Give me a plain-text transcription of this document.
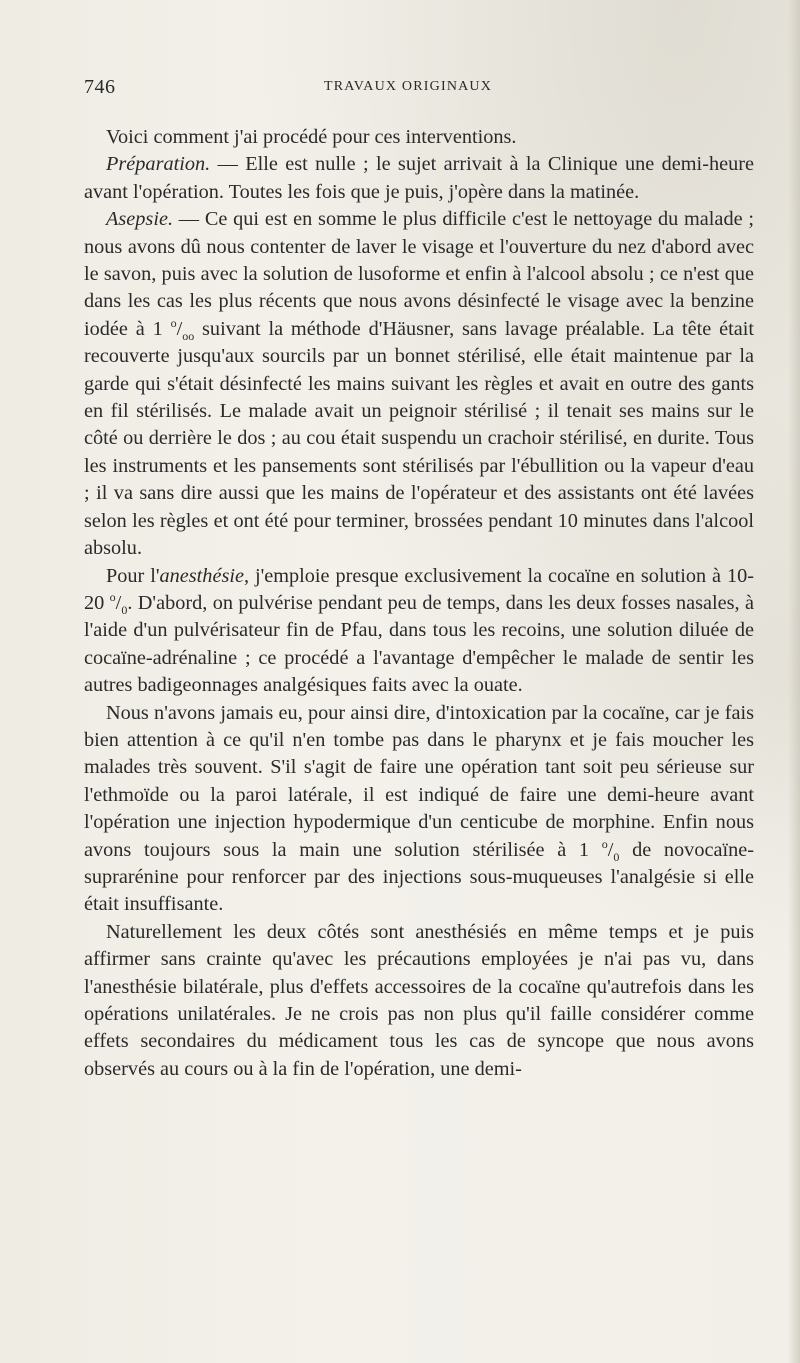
746	TRAVAUX ORIGINAUX

Voici comment j'ai procédé pour ces interventions.

Préparation. — Elle est nulle ; le sujet arrivait à la Clinique une demi-heure avant l'opération. Toutes les fois que je puis, j'opère dans la matinée.

Asepsie. — Ce qui est en somme le plus difficile c'est le nettoyage du malade ; nous avons dû nous contenter de laver le visage et l'ouverture du nez d'abord avec le savon, puis avec la solution de lusoforme et enfin à l'alcool absolu ; ce n'est que dans les cas les plus récents que nous avons désinfecté le visage avec la benzine iodée à 1 $^o/_{oo}$ suivant la méthode d'Häusner, sans lavage préalable. La tête était recouverte jusqu'aux sourcils par un bonnet stérilisé, elle était maintenue par la garde qui s'était désinfecté les mains suivant les règles et avait en outre des gants en fil stérilisés. Le malade avait un peignoir stérilisé ; il tenait ses mains sur le côté ou derrière le dos ; au cou était suspendu un crachoir stérilisé, en durite. Tous les instruments et les pansements sont stérilisés par l'ébullition ou la vapeur d'eau ; il va sans dire aussi que les mains de l'opérateur et des assistants ont été lavées selon les règles et ont été pour terminer, brossées pendant 10 minutes dans l'alcool absolu.

Pour l'anesthésie, j'emploie presque exclusivement la cocaïne en solution à 10-20 $^o/_0$. D'abord, on pulvérise pendant peu de temps, dans les deux fosses nasales, à l'aide d'un pulvérisateur fin de Pfau, dans tous les recoins, une solution diluée de cocaïne-adrénaline ; ce procédé a l'avantage d'empêcher le malade de sentir les autres badigeonnages analgésiques faits avec la ouate.

Nous n'avons jamais eu, pour ainsi dire, d'intoxication par la cocaïne, car je fais bien attention à ce qu'il n'en tombe pas dans le pharynx et je fais moucher les malades très souvent. S'il s'agit de faire une opération tant soit peu sérieuse sur l'ethmoïde ou la paroi latérale, il est indiqué de faire une demi-heure avant l'opération une injection hypodermique d'un centicube de morphine. Enfin nous avons toujours sous la main une solution stérilisée à 1 $^o/_0$ de novocaïne-suprarénine pour renforcer par des injections sous-muqueuses l'analgésie si elle était insuffisante.

Naturellement les deux côtés sont anesthésiés en même temps et je puis affirmer sans crainte qu'avec les précautions employées je n'ai pas vu, dans l'anesthésie bilatérale, plus d'effets accessoires de la cocaïne qu'autrefois dans les opérations unilatérales. Je ne crois pas non plus qu'il faille considérer comme effets secondaires du médicament tous les cas de syncope que nous avons observés au cours ou à la fin de l'opération, une demi-
